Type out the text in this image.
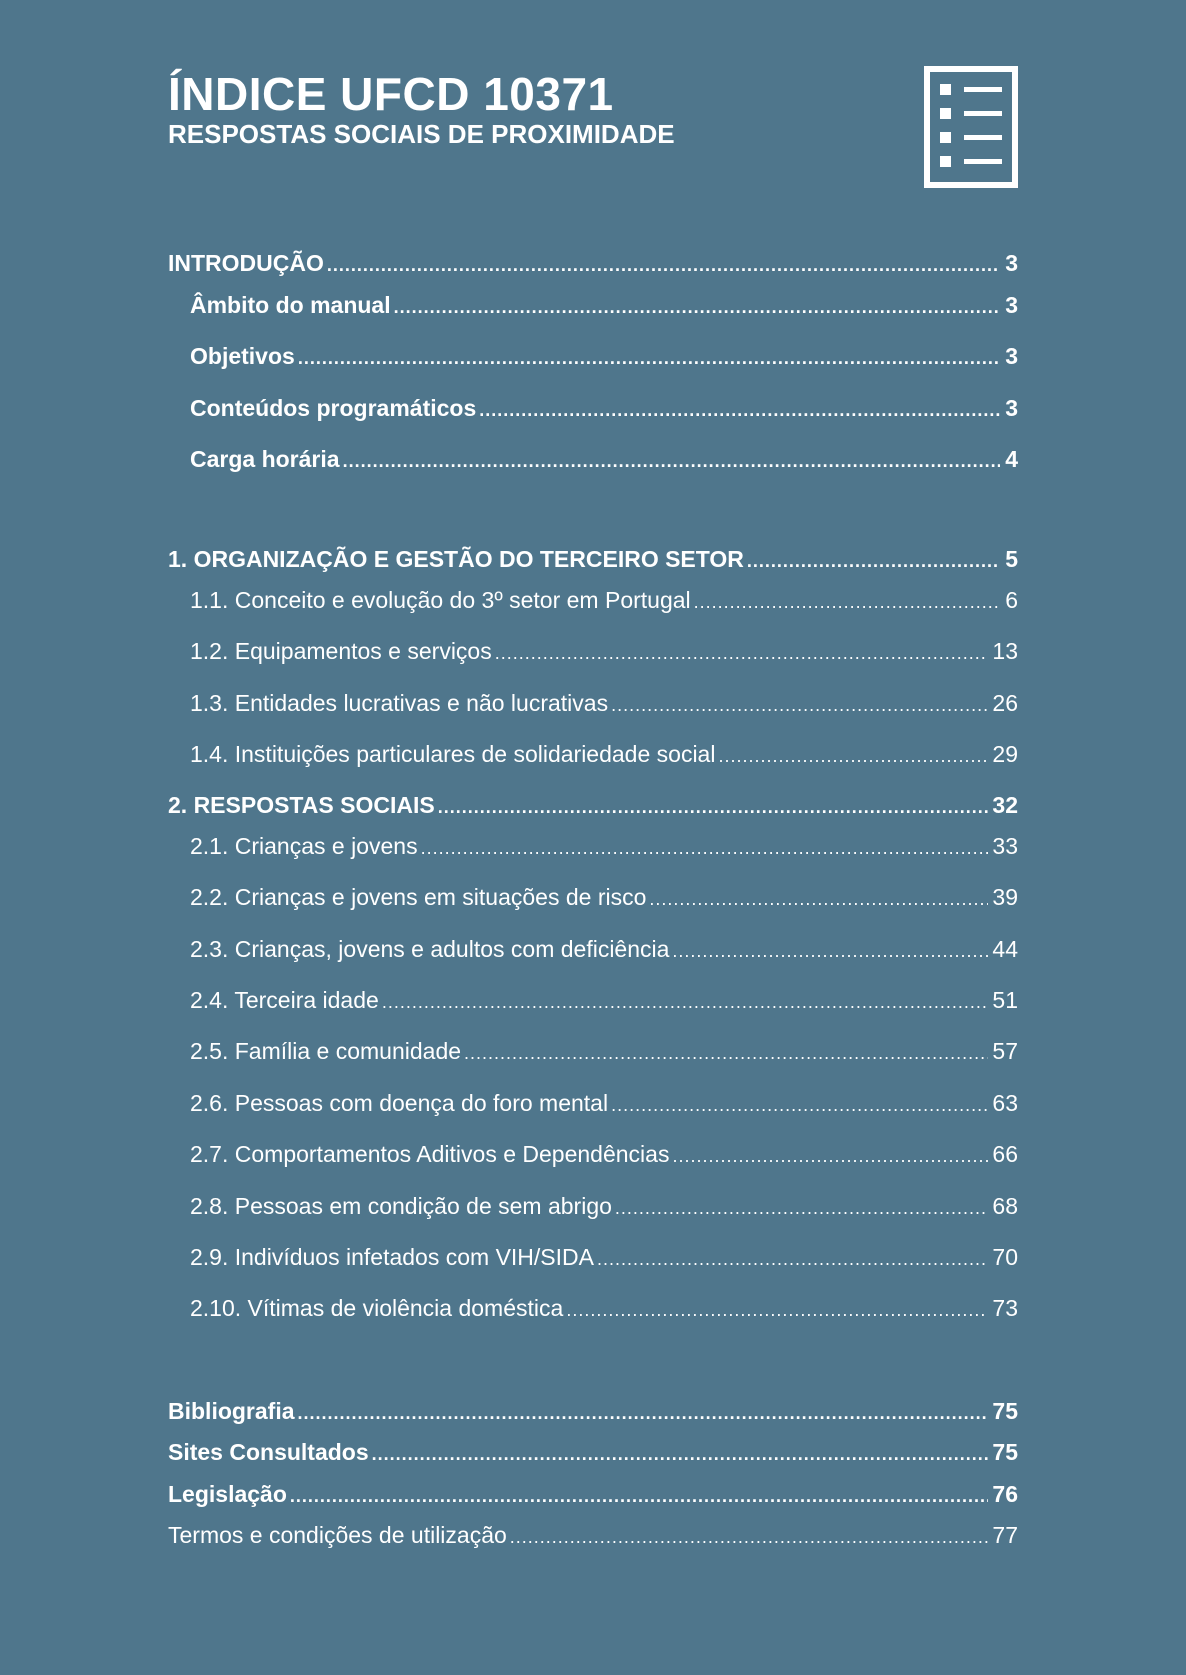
ÍNDICE UFCD 10371
RESPOSTAS SOCIAIS DE PROXIMIDADE
INTRODUÇÃO .....	3
Âmbito do manual .....	3
Objetivos .....	3
Conteúdos programáticos .....	3
Carga horária .....	4
1. ORGANIZAÇÃO E GESTÃO DO TERCEIRO SETOR .....	5
1.1. Conceito e evolução do 3º setor em Portugal .....	6
1.2. Equipamentos e serviços .....	13
1.3. Entidades lucrativas e não lucrativas .....	26
1.4. Instituições particulares de solidariedade social .....	29
2. RESPOSTAS SOCIAIS .....	32
2.1. Crianças e jovens .....	33
2.2. Crianças e jovens em situações de risco .....	39
2.3. Crianças, jovens e adultos com deficiência .....	44
2.4. Terceira idade .....	51
2.5. Família e comunidade .....	57
2.6. Pessoas com doença do foro mental .....	63
2.7. Comportamentos Aditivos e Dependências .....	66
2.8. Pessoas em condição de sem abrigo .....	68
2.9. Indivíduos infetados com VIH/SIDA .....	70
2.10. Vítimas de violência doméstica .....	73
Bibliografia .....	75
Sites Consultados .....	75
Legislação .....	76
Termos e condições de utilização .....	77
